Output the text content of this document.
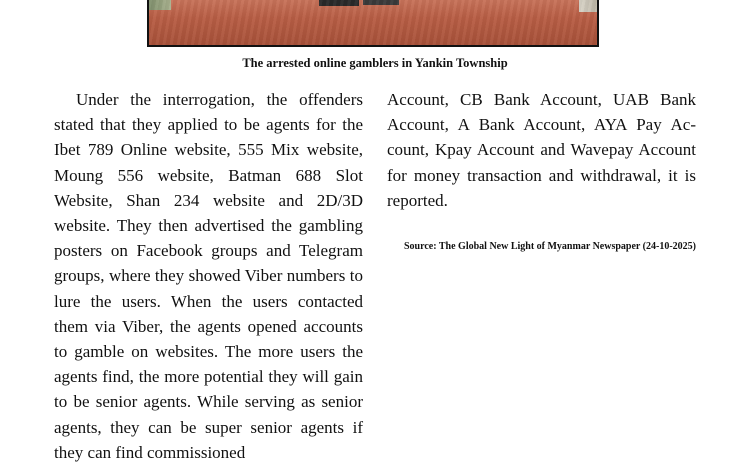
The arrested online gamblers in Yankin Township

Under the interrogation, the offenders stated that they applied to be agents for the Ibet 789 Online website, 555 Mix website, Moung 556 website, Batman 688 Slot Website, Shan 234 website and 2D/3D website. They then advertised the gambling posters on Facebook groups and Telegram groups, where they showed Viber numbers to lure the users. When the users contacted them via Viber, the agents opened accounts to gamble on websites. The more users the agents find, the more potential they will gain to be senior agents. While serving as senior agents, they can be super senior agents if they can find commissioned

Account, CB Bank Account, UAB Bank Account, A Bank Account, AYA Pay Account, Kpay Account and Wavepay Account for money transaction and withdrawal, it is reported.

Source: The Global New Light of Myanmar Newspaper (24-10-2025)
